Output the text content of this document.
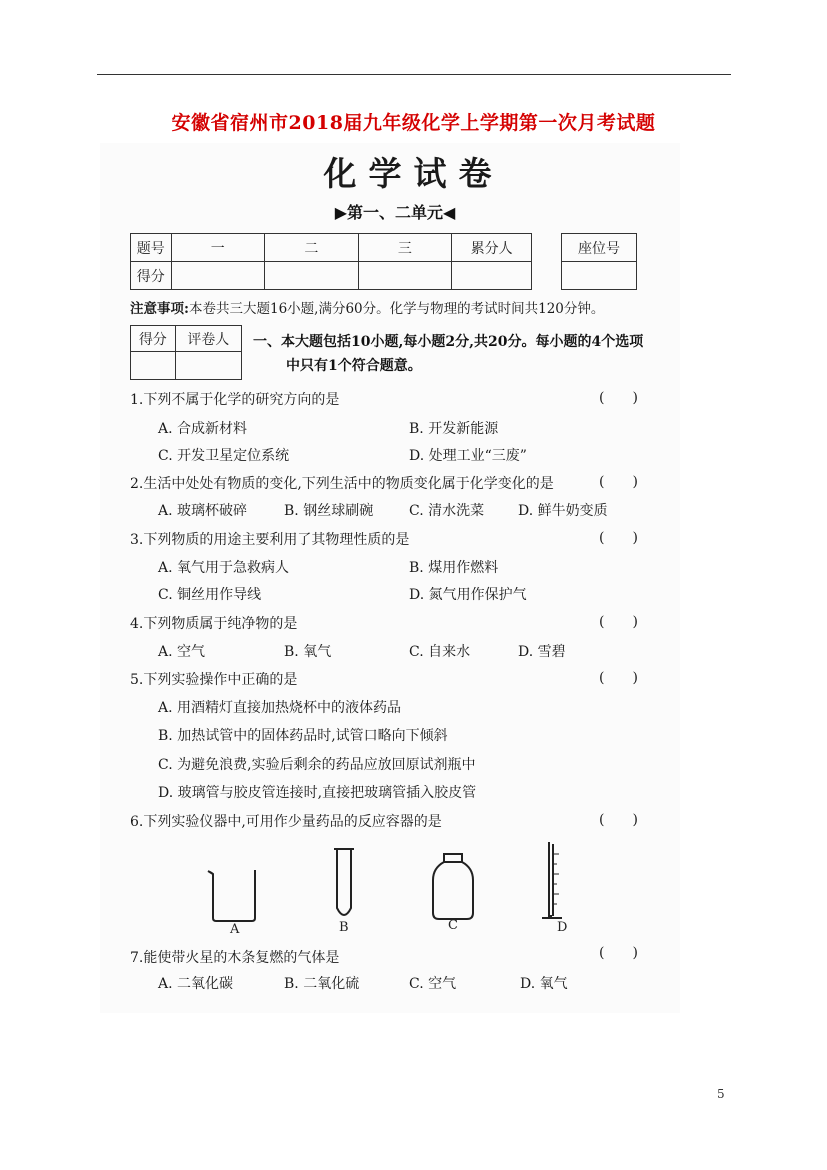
安徽省宿州市2018届九年级化学上学期第一次月考试题
化学试卷
▶第一、二单元◀
题号	一	二	三	累分人
得分				
座位号

注意事项:本卷共三大题16小题,满分60分。化学与物理的考试时间共120分钟。
得分	评卷人
	一、本大题包括10小题,每小题2分,共20分。每小题的4个选项
中只有1个符合题意。
1.下列不属于化学的研究方向的是	(　　)
A. 合成新材料	B. 开发新能源
C. 开发卫星定位系统	D. 处理工业“三废”
2.生活中处处有物质的变化,下列生活中的物质变化属于化学变化的是	(　　)
A. 玻璃杯破碎	B. 钢丝球刷碗	C. 清水洗菜 D. 鲜牛奶变质
3.下列物质的用途主要利用了其物理性质的是	(　　)
A. 氧气用于急救病人	B. 煤用作燃料
C. 铜丝用作导线	D. 氮气用作保护气
4.下列物质属于纯净物的是	(　　)
A. 空气	B. 氧气	C. 自来水	D. 雪碧
5.下列实验操作中正确的是	(　　)
A. 用酒精灯直接加热烧杯中的液体药品
B. 加热试管中的固体药品时,试管口略向下倾斜
C. 为避免浪费,实验后剩余的药品应放回原试剂瓶中
D. 玻璃管与胶皮管连接时,直接把玻璃管插入胶皮管
6.下列实验仪器中,可用作少量药品的反应容器的是	(　　)
A	B	C	D
7.能使带火星的木条复燃的气体是	(　　)
A. 二氧化碳	B. 二氧化硫	C. 空气	D. 氧气
5
